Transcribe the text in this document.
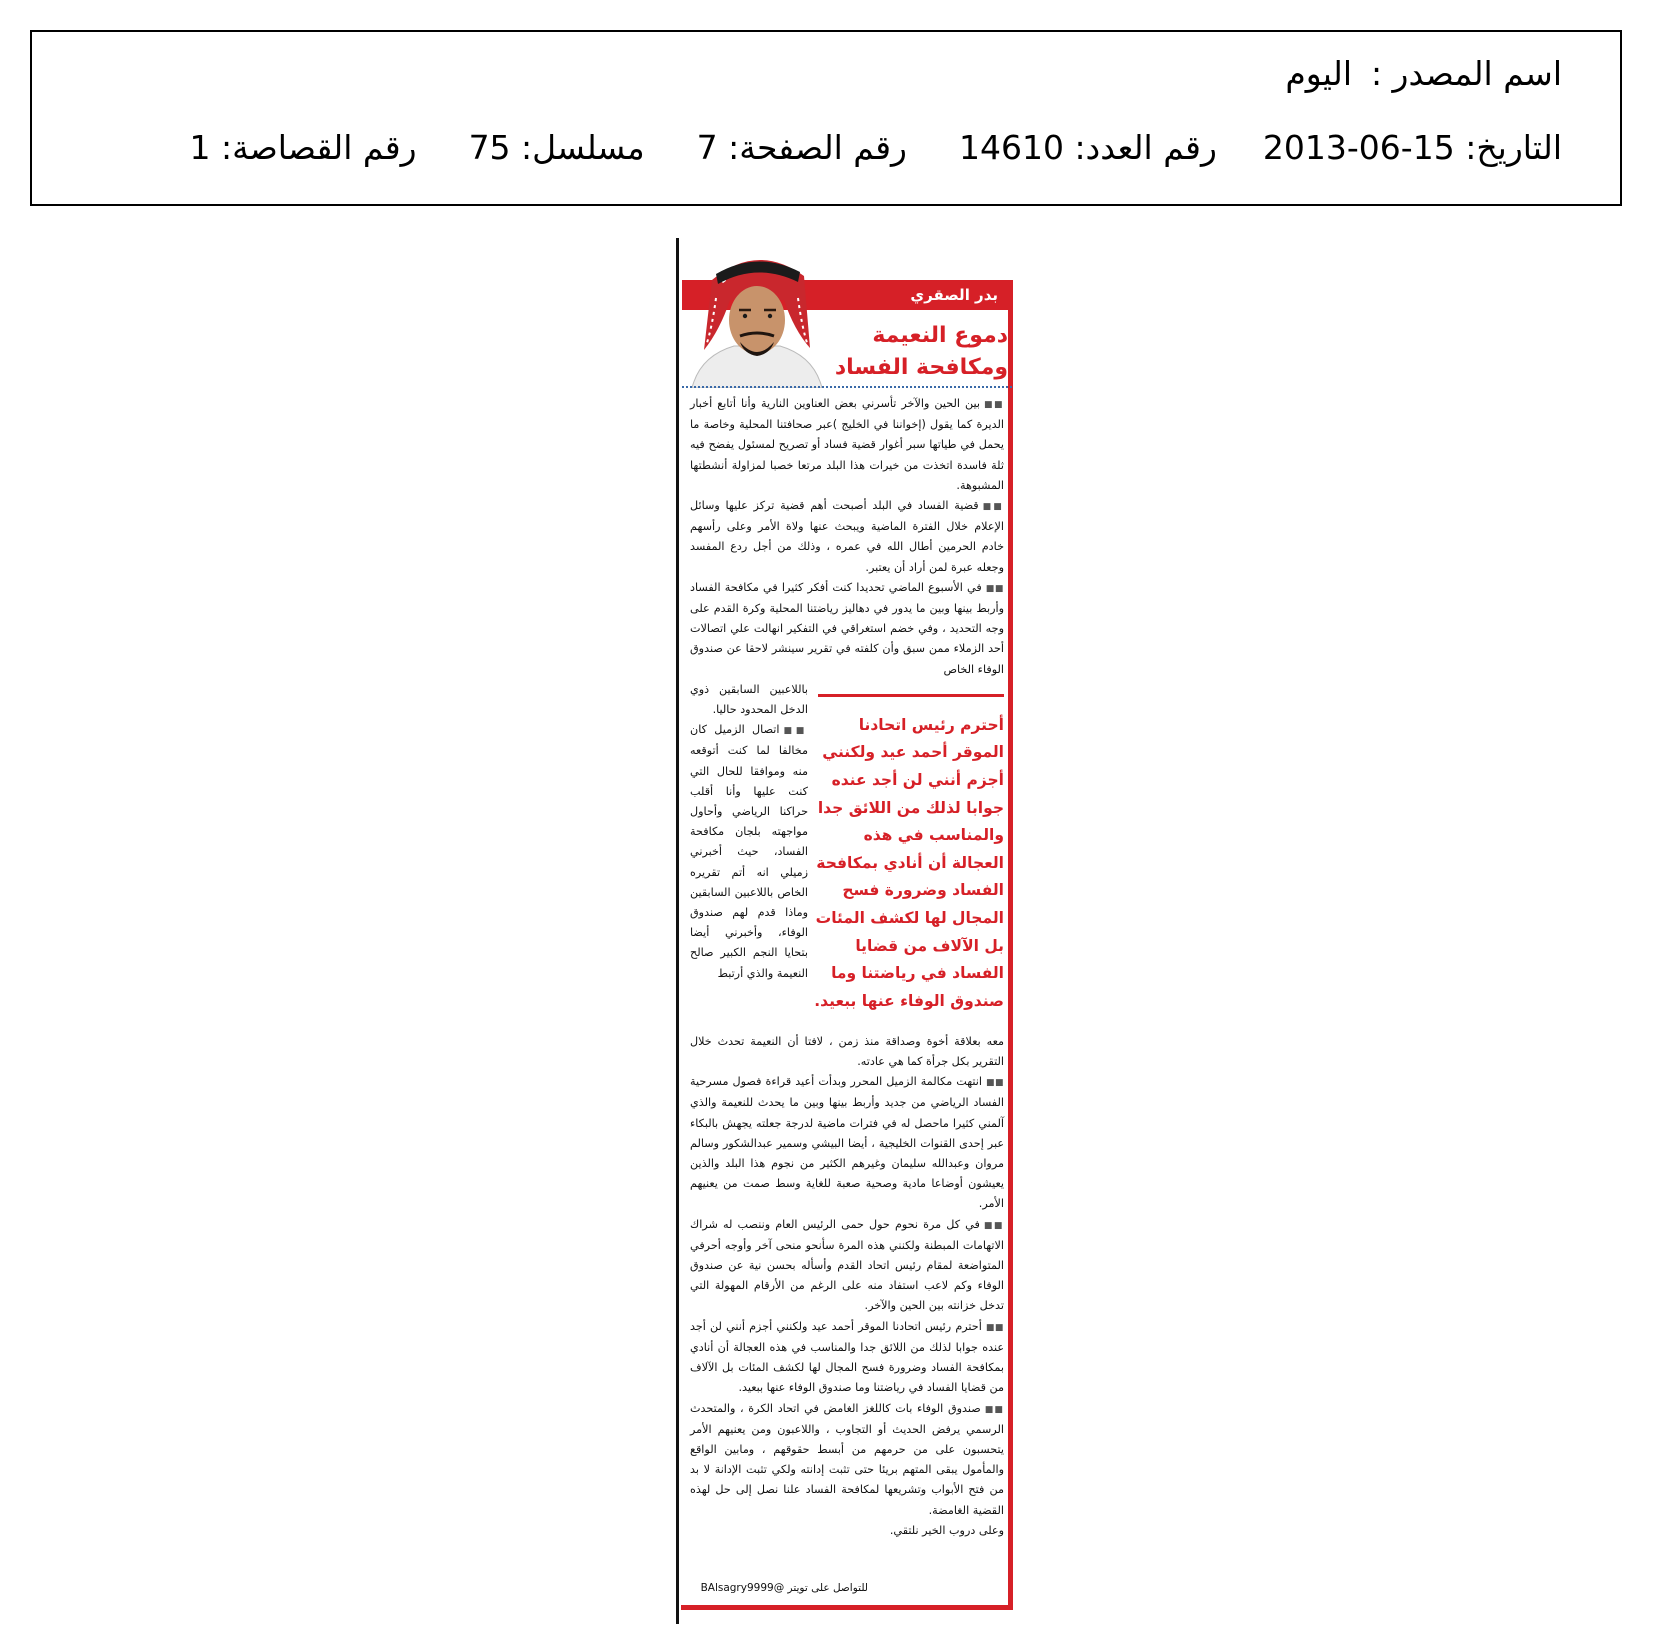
اسم المصدر :اليوم
التاريخ: 15-06-2013رقم العدد: 14610رقم الصفحة: 7مسلسل: 75رقم القصاصة: 1
بدر الصقري
دموع النعيمة
ومكافحة الفساد

■■بين الحين والآخر تأسرني بعض العناوين النارية وأنا أتابع أخبار الديرة كما يقول (إخواننا في الخليج )عبر صحافتنا المحلية وخاصة ما يحمل في طياتها سبر أغوار قضية فساد أو تصريح لمسئول يفضح فيه ثلة فاسدة اتخذت من خيرات هذا البلد مرتعا خصبا لمزاولة أنشطتها المشبوهة.

■■قضية الفساد في البلد أصبحت أهم قضية تركز عليها وسائل الإعلام خلال الفترة الماضية ويبحث عنها ولاة الأمر وعلى رأسهم خادم الحرمين أطال الله في عمره ، وذلك من أجل ردع المفسد وجعله عبرة لمن أراد أن يعتبر.

■■في الأسبوع الماضي تحديدا كنت أفكر كثيرا في مكافحة الفساد وأربط بينها وبين ما يدور في دهاليز رياضتنا المحلية وكرة القدم على وجه التحديد ، وفي خضم استغراقي في التفكير انهالت علي اتصالات أحد الزملاء ممن سبق وأن كلفته في تقرير سينشر لاحقا عن صندوق الوفاء الخاص

أحترم رئيس اتحادنا الموقر أحمد عيد ولكنني أجزم أنني لن أجد عنده جوابا لذلك من اللائق جدا والمناسب في هذه العجالة أن أنادي بمكافحة الفساد وضرورة فسح المجال لها لكشف المئات بل الآلاف من قضايا الفساد في رياضتنا وما صندوق الوفاء عنها ببعيد.

باللاعبين السابقين ذوي الدخل المحدود حاليا.

■■اتصال الزميل كان مخالفا لما كنت أتوقعه منه وموافقا للحال التي كنت عليها وأنا أقلب حراكنا الرياضي وأحاول مواجهته بلجان مكافحة الفساد، حيث أخبرني زميلي انه أتم تقريره الخاص باللاعبين السابقين وماذا قدم لهم صندوق الوفاء، وأخبرني أيضا بتحايا النجم الكبير صالح النعيمة والذي أرتبط

معه بعلاقة أخوة وصداقة منذ زمن ، لافتا أن النعيمة تحدث خلال التقرير بكل جرأة كما هي عادته.

■■انتهت مكالمة الزميل المحرر وبدأت أعيد قراءة فصول مسرحية الفساد الرياضي من جديد وأربط بينها وبين ما يحدث للنعيمة والذي آلمني كثيرا ماحصل له في فترات ماضية لدرجة جعلته يجهش بالبكاء عبر إحدى القنوات الخليجية ، أيضا البيشي وسمير عبدالشكور وسالم مروان وعبدالله سليمان وغيرهم الكثير من نجوم هذا البلد والذين يعيشون أوضاعا مادية وصحية صعبة للغاية وسط صمت من يعنيهم الأمر.

■■في كل مرة نحوم حول حمى الرئيس العام وننصب له شراك الاتهامات المبطنة ولكنني هذه المرة سأنحو منحى آخر وأوجه أحرفي المتواضعة لمقام رئيس اتحاد القدم وأسأله بحسن نية عن صندوق الوفاء وكم لاعب استفاد منه على الرغم من الأرقام المهولة التي تدخل خزانته بين الحين والآخر.

■■أحترم رئيس اتحادنا الموقر أحمد عيد ولكنني أجزم أنني لن أجد عنده جوابا لذلك من اللائق جدا والمناسب في هذه العجالة أن أنادي بمكافحة الفساد وضرورة فسح المجال لها لكشف المئات بل الآلاف من قضايا الفساد في رياضتنا وما صندوق الوفاء عنها ببعيد.

■■صندوق الوفاء بات كاللغز الغامض في اتحاد الكرة ، والمتحدث الرسمي يرفض الحديث أو التجاوب ، واللاعبون ومن يعنيهم الأمر يتحسبون على من حرمهم من أبسط حقوقهم ، ومابين الواقع والمأمول يبقى المتهم بريئا حتى تثبت إدانته ولكي تثبت الإدانة لا بد من فتح الأبواب وتشريعها لمكافحة الفساد علنا نصل إلى حل لهذه القضية الغامضة.

وعلى دروب الخير نلتقي.

للتواصل على تويتر @BAlsagry9999
